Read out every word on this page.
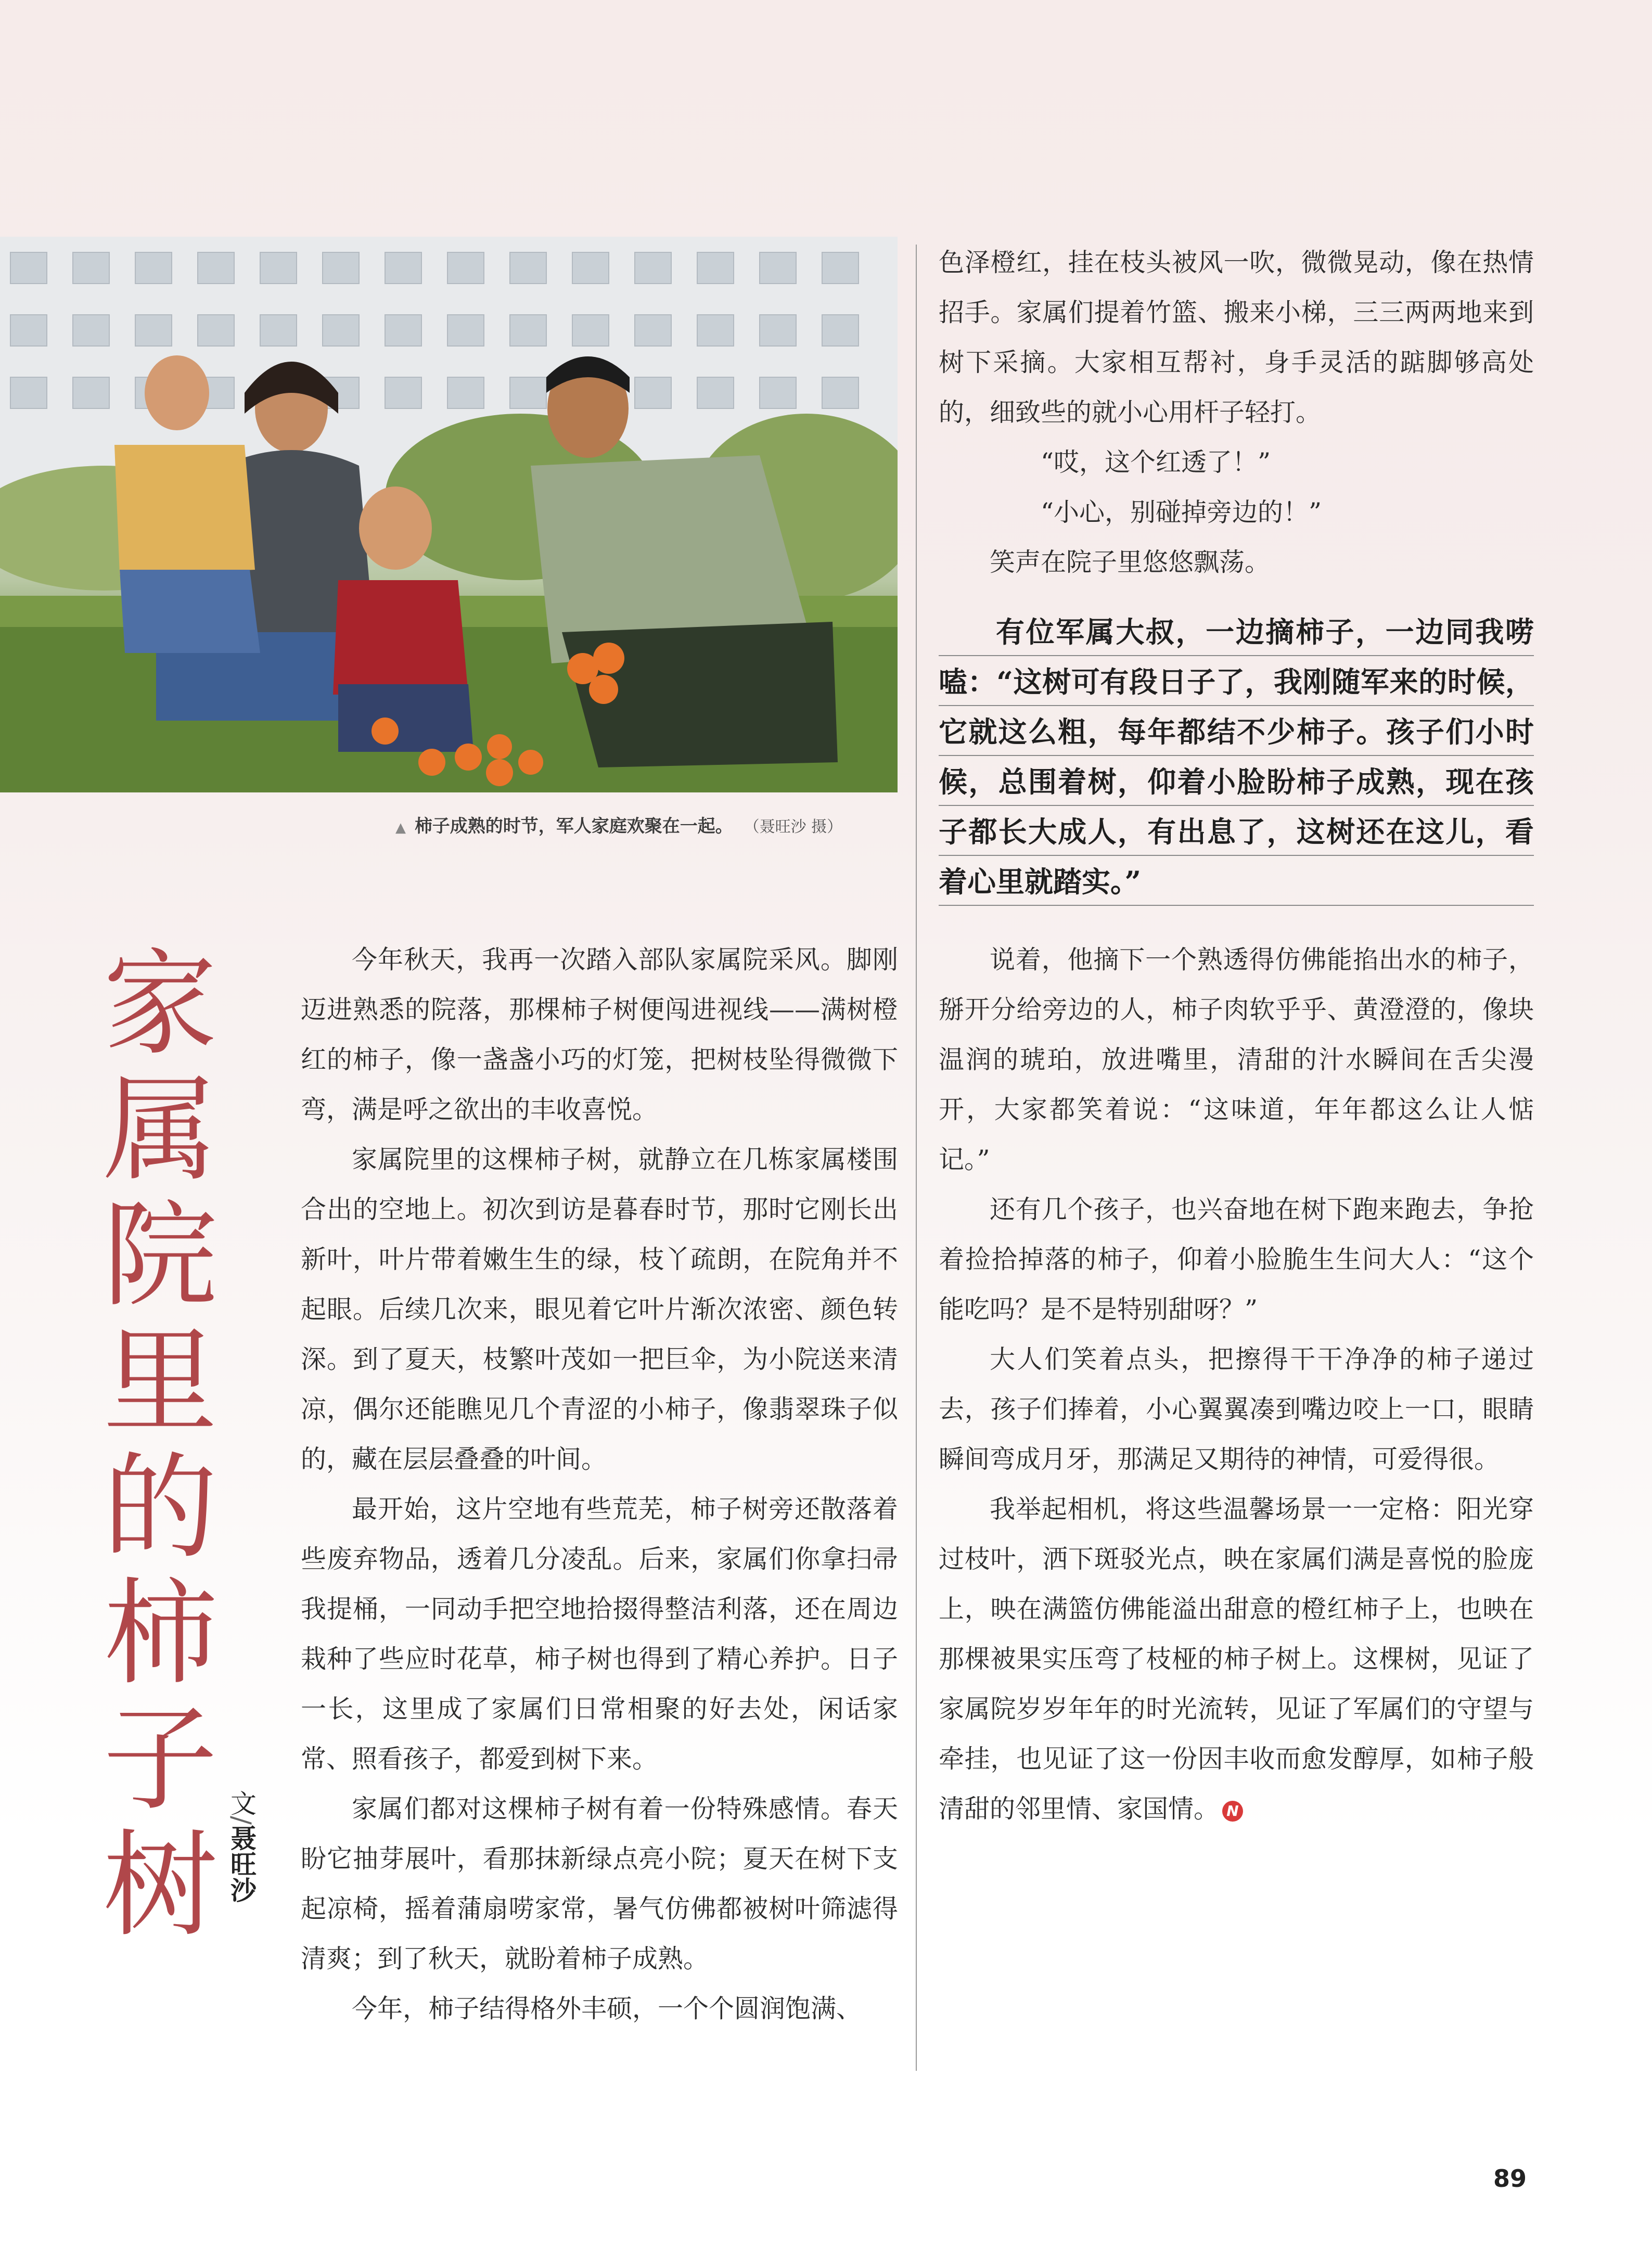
▲ 柿子成熟的时节，军人家庭欢聚在一起。 （聂旺沙 摄）
家属院里的柿子树 文/聂旺沙

今年秋天，我再一次踏入部队家属院采风。脚刚迈进熟悉的院落，那棵柿子树便闯进视线——满树橙红的柿子，像一盏盏小巧的灯笼，把树枝坠得微微下弯，满是呼之欲出的丰收喜悦。

家属院里的这棵柿子树，就静立在几栋家属楼围合出的空地上。初次到访是暮春时节，那时它刚长出新叶，叶片带着嫩生生的绿，枝丫疏朗，在院角并不起眼。后续几次来，眼见着它叶片渐次浓密、颜色转深。到了夏天，枝繁叶茂如一把巨伞，为小院送来清凉，偶尔还能瞧见几个青涩的小柿子，像翡翠珠子似的，藏在层层叠叠的叶间。

最开始，这片空地有些荒芜，柿子树旁还散落着些废弃物品，透着几分凌乱。后来，家属们你拿扫帚我提桶，一同动手把空地拾掇得整洁利落，还在周边栽种了些应时花草，柿子树也得到了精心养护。日子一长，这里成了家属们日常相聚的好去处，闲话家常、照看孩子，都爱到树下来。

家属们都对这棵柿子树有着一份特殊感情。春天盼它抽芽展叶，看那抹新绿点亮小院；夏天在树下支起凉椅，摇着蒲扇唠家常，暑气仿佛都被树叶筛滤得清爽；到了秋天，就盼着柿子成熟。

今年，柿子结得格外丰硕，一个个圆润饱满、

色泽橙红，挂在枝头被风一吹，微微晃动，像在热情招手。家属们提着竹篮、搬来小梯，三三两两地来到树下采摘。大家相互帮衬，身手灵活的踮脚够高处的，细致些的就小心用杆子轻打。

“哎，这个红透了！”

“小心，别碰掉旁边的！”

笑声在院子里悠悠飘荡。

有位军属大叔，一边摘柿子，一边同我唠嗑：“这树可有段日子了，我刚随军来的时候，它就这么粗，每年都结不少柿子。孩子们小时候，总围着树，仰着小脸盼柿子成熟，现在孩子都长大成人，有出息了，这树还在这儿，看着心里就踏实。”

说着，他摘下一个熟透得仿佛能掐出水的柿子，掰开分给旁边的人，柿子肉软乎乎、黄澄澄的，像块温润的琥珀，放进嘴里，清甜的汁水瞬间在舌尖漫开，大家都笑着说：“这味道，年年都这么让人惦记。”

还有几个孩子，也兴奋地在树下跑来跑去，争抢着捡拾掉落的柿子，仰着小脸脆生生问大人：“这个能吃吗？是不是特别甜呀？”

大人们笑着点头，把擦得干干净净的柿子递过去，孩子们捧着，小心翼翼凑到嘴边咬上一口，眼睛瞬间弯成月牙，那满足又期待的神情，可爱得很。

我举起相机，将这些温馨场景一一定格：阳光穿过枝叶，洒下斑驳光点，映在家属们满是喜悦的脸庞上，映在满篮仿佛能溢出甜意的橙红柿子上，也映在那棵被果实压弯了枝桠的柿子树上。这棵树，见证了家属院岁岁年年的时光流转，见证了军属们的守望与牵挂，也见证了这一份因丰收而愈发醇厚，如柿子般清甜的邻里情、家国情。 N

89
